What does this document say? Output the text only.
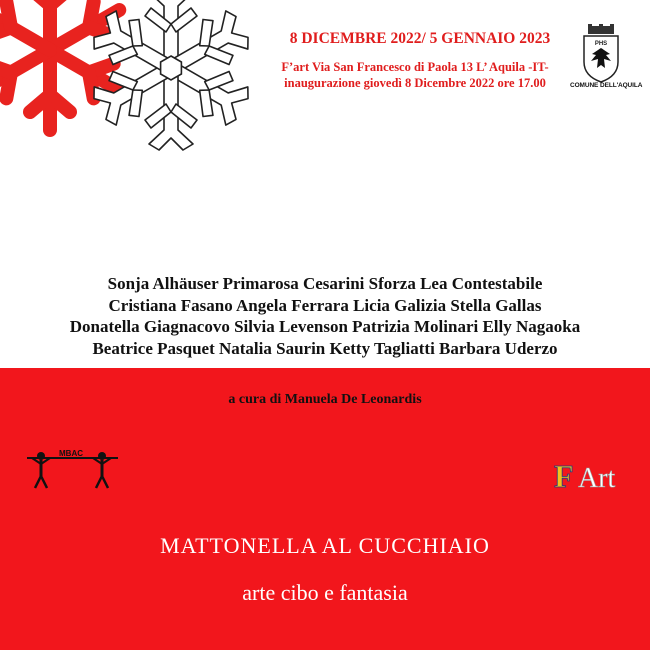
8 DICEMBRE 2022/ 5 GENNAIO 2023
F’art Via San Francesco di Paola 13 L’ Aquila -IT-
inaugurazione giovedì 8 Dicembre 2022 ore 17.00
PHS
COMUNE DELL'AQUILA
Sonja Alhäuser Primarosa Cesarini Sforza Lea Contestabile
Cristiana Fasano Angela Ferrara Licia Galizia Stella Gallas
Donatella Giagnacovo Silvia Levenson Patrizia Molinari Elly Nagaoka
Beatrice Pasquet Natalia Saurin Ketty Tagliatti Barbara Uderzo
a cura di Manuela De Leonardis
MBAC
F Art
MATTONELLA AL CUCCHIAIO
arte cibo e fantasia
